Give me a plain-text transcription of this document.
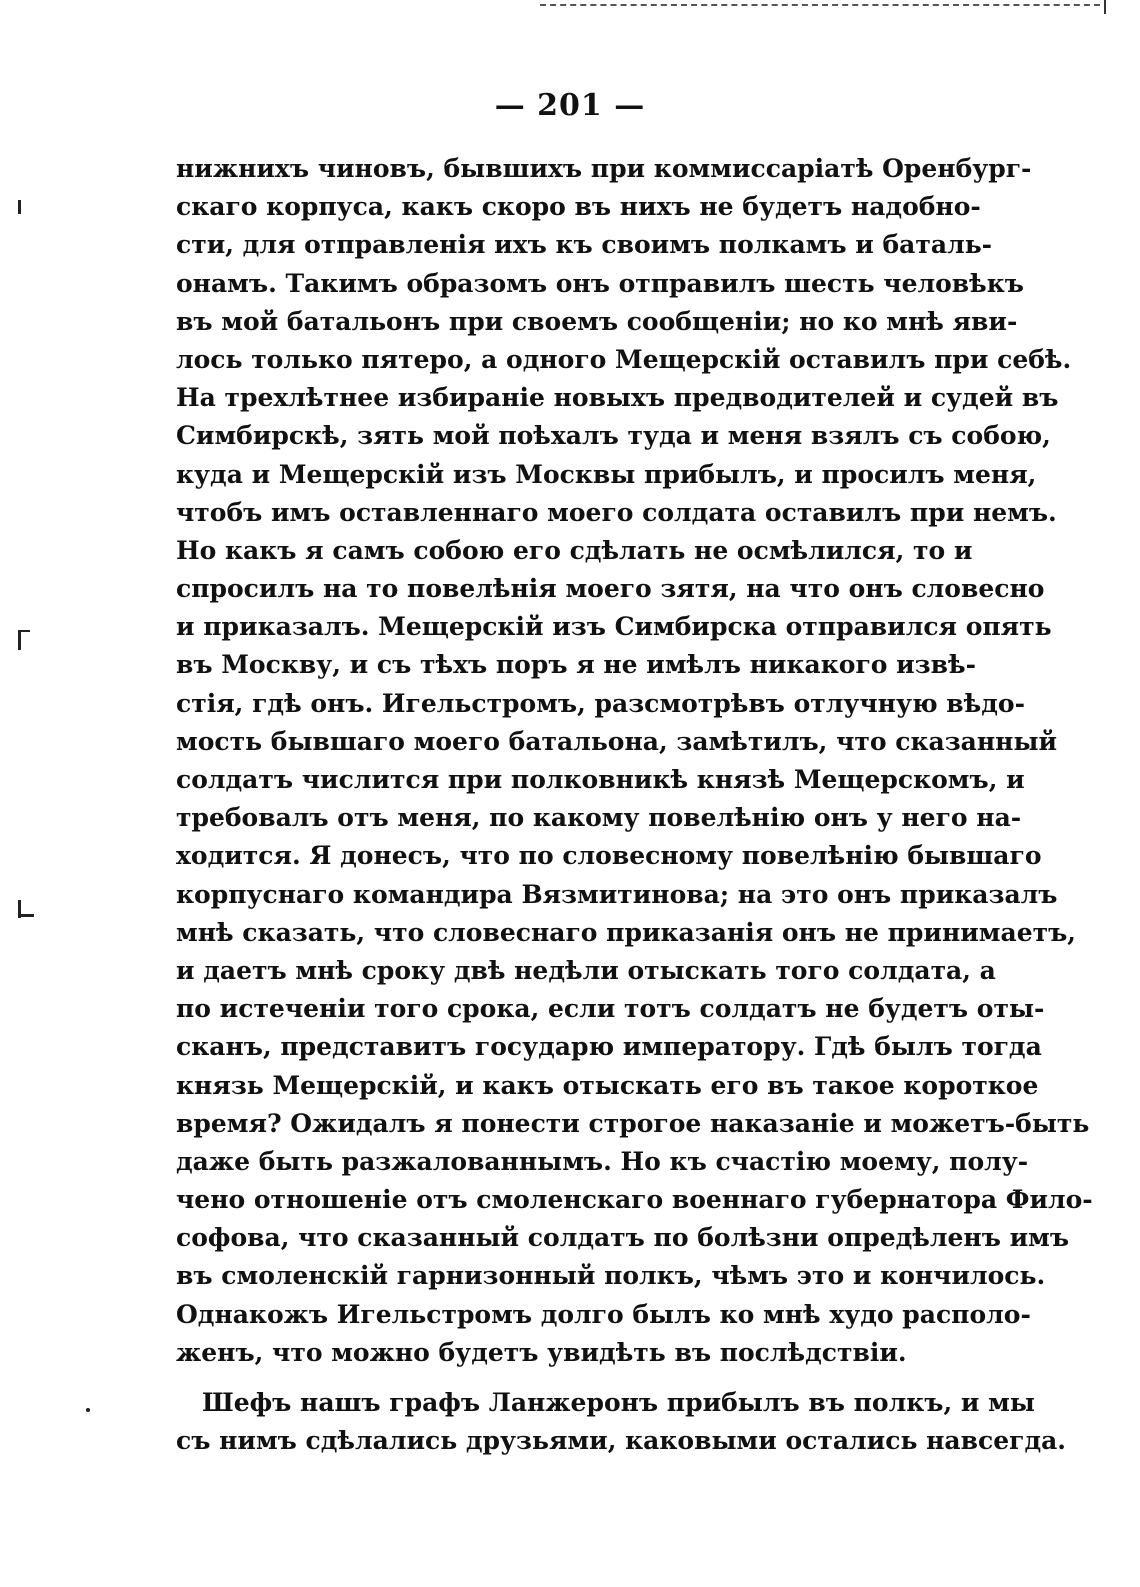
— 201 —
нижнихъ чиновъ, бывшихъ при коммиссаріатѣ Оренбург-
скаго корпуса, какъ скоро въ нихъ не будетъ надобно-
сти, для отправленія ихъ къ своимъ полкамъ и баталь-
онамъ. Такимъ образомъ онъ отправилъ шесть человѣкъ
въ мой батальонъ при своемъ сообщеніи; но ко мнѣ яви-
лось только пятеро, а одного Мещерскій оставилъ при себѣ.
На трехлѣтнее избираніе новыхъ предводителей и судей въ
Симбирскѣ, зять мой поѣхалъ туда и меня взялъ съ собою,
куда и Мещерскій изъ Москвы прибылъ, и просилъ меня,
чтобъ имъ оставленнаго моего солдата оставилъ при немъ.
Но какъ я самъ собою его сдѣлать не осмѣлился, то и
спросилъ на то повелѣнія моего зятя, на что онъ словесно
и приказалъ. Мещерскій изъ Симбирска отправился опять
въ Москву, и съ тѣхъ поръ я не имѣлъ никакого извѣ-
стія, гдѣ онъ. Игельстромъ, разсмотрѣвъ отлучную вѣдо-
мость бывшаго моего батальона, замѣтилъ, что сказанный
солдатъ числится при полковникѣ князѣ Мещерскомъ, и
требовалъ отъ меня, по какому повелѣнію онъ у него на-
ходится. Я донесъ, что по словесному повелѣнію бывшаго
корпуснаго командира Вязмитинова; на это онъ приказалъ
мнѣ сказать, что словеснаго приказанія онъ не принимаетъ,
и даетъ мнѣ сроку двѣ недѣли отыскать того солдата, а
по истеченіи того срока, если тотъ солдатъ не будетъ оты-
сканъ, представитъ государю императору. Гдѣ былъ тогда
князь Мещерскій, и какъ отыскать его въ такое короткое
время? Ожидалъ я понести строгое наказаніе и можетъ-быть
даже быть разжалованнымъ. Но къ счастію моему, полу-
чено отношеніе отъ смоленскаго военнаго губернатора Фило-
софова, что сказанный солдатъ по болѣзни опредѣленъ имъ
въ смоленскій гарнизонный полкъ, чѣмъ это и кончилось.
Однакожъ Игельстромъ долго былъ ко мнѣ худо располо-
женъ, что можно будетъ увидѣть въ послѣдствіи.
Шефъ нашъ графъ Ланжеронъ прибылъ въ полкъ, и мы
съ нимъ сдѣлались друзьями, каковыми остались навсегда.
